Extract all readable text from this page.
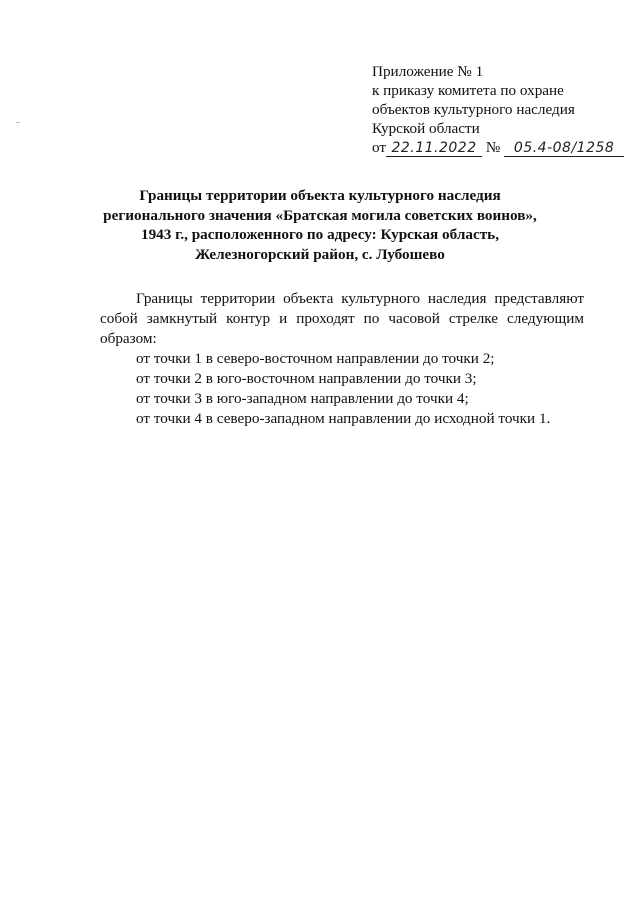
Приложение № 1
к приказу комитета по охране
объектов культурного наследия
Курской области
от 22.11.2022 № 05.4-08/1258
Границы территории объекта культурного наследия
регионального значения «Братская могила советских воинов»,
1943 г., расположенного по адресу: Курская область,
Железногорский район, с. Лубошево

Границы территории объекта культурного наследия представляют собой замкнутый контур и проходят по часовой стрелке следующим образом:

от точки 1 в северо-восточном направлении до точки 2;

от точки 2 в юго-восточном направлении до точки 3;

от точки 3 в юго-западном направлении до точки 4;

от точки 4 в северо-западном направлении до исходной точки 1.
